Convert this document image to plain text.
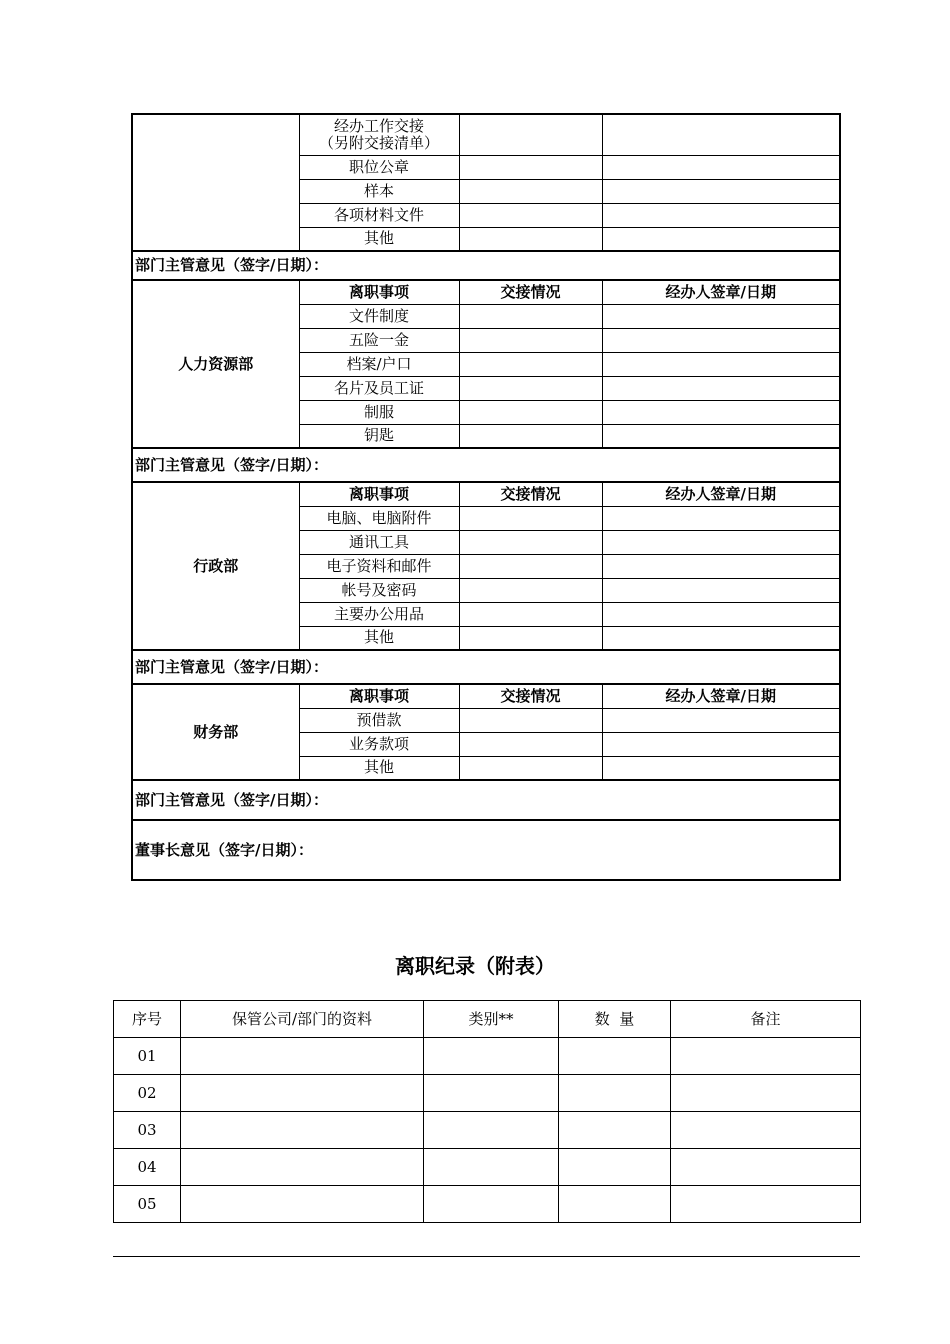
	经办工作交接
（另附交接清单）		
	职位公章		
	样本		
	各项材料文件		
	其他		
部门主管意见（签字/日期）：			
人力资源部	离职事项	交接情况	经办人签章/日期
	文件制度		
	五险一金		
	档案/户口		
	名片及员工证		
	制服		
	钥匙		
部门主管意见（签字/日期）：			
行政部	离职事项	交接情况	经办人签章/日期
	电脑、电脑附件		
	通讯工具		
	电子资料和邮件		
	帐号及密码		
	主要办公用品		
	其他		
部门主管意见（签字/日期）：			
财务部	离职事项	交接情况	经办人签章/日期
	预借款		
	业务款项		
	其他		
部门主管意见（签字/日期）：			
董事长意见（签字/日期）：			
离职纪录（附表）
序号	保管公司/部门的资料	类别**	数  量	备注
01				
02				
03				
04				
05				
